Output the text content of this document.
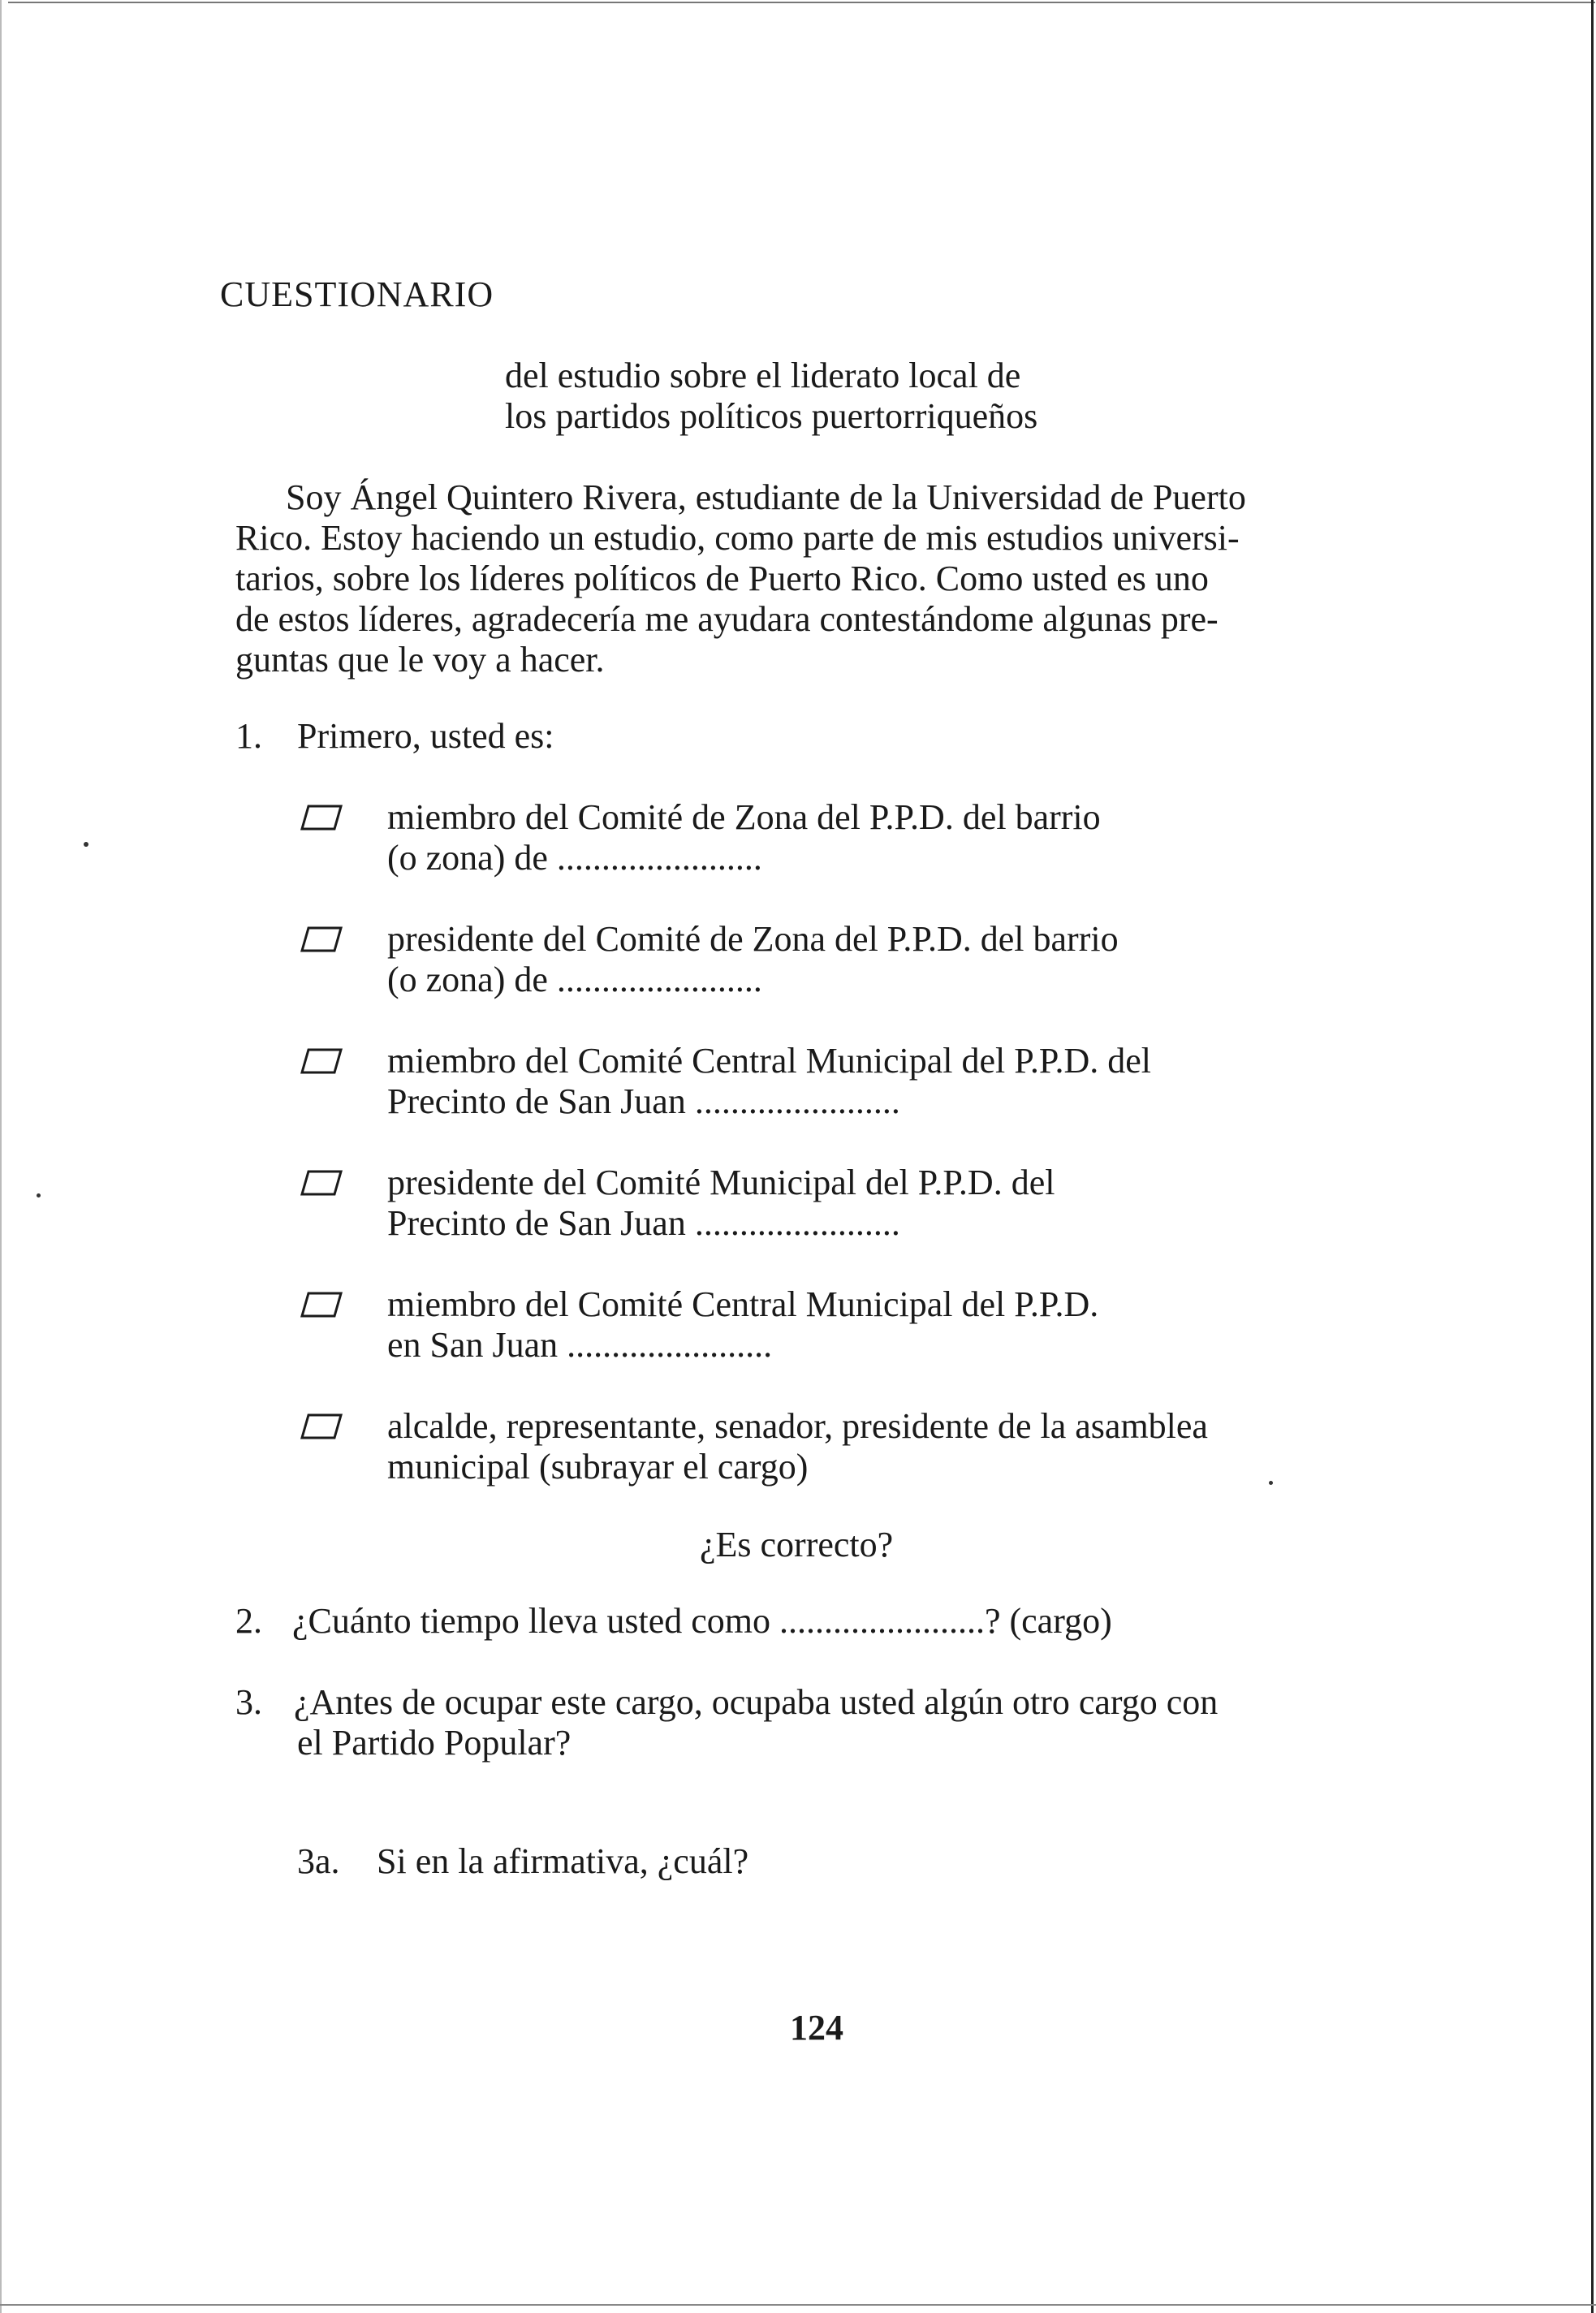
CUESTIONARIO
del estudio sobre el liderato local de
los partidos políticos puertorriqueños
Soy Ángel Quintero Rivera, estudiante de la Universidad de Puerto
Rico. Estoy haciendo un estudio, como parte de mis estudios universi-
tarios, sobre los líderes políticos de Puerto Rico. Como usted es uno
de estos líderes, agradecería me ayudara contestándome algunas pre-
guntas que le voy a hacer.
1. Primero, usted es:
miembro del Comité de Zona del P.P.D. del barrio
(o zona) de .......................
presidente del Comité de Zona del P.P.D. del barrio
(o zona) de .......................
miembro del Comité Central Municipal del P.P.D. del
Precinto de San Juan .......................
presidente del Comité Municipal del P.P.D. del
Precinto de San Juan .......................
miembro del Comité Central Municipal del P.P.D.
en San Juan .......................
alcalde, representante, senador, presidente de la asamblea
municipal (subrayar el cargo)
¿Es correcto?
2. ¿Cuánto tiempo lleva usted como .......................? (cargo)
3. ¿Antes de ocupar este cargo, ocupaba usted algún otro cargo con
el Partido Popular?
3a. Si en la afirmativa, ¿cuál?
124
